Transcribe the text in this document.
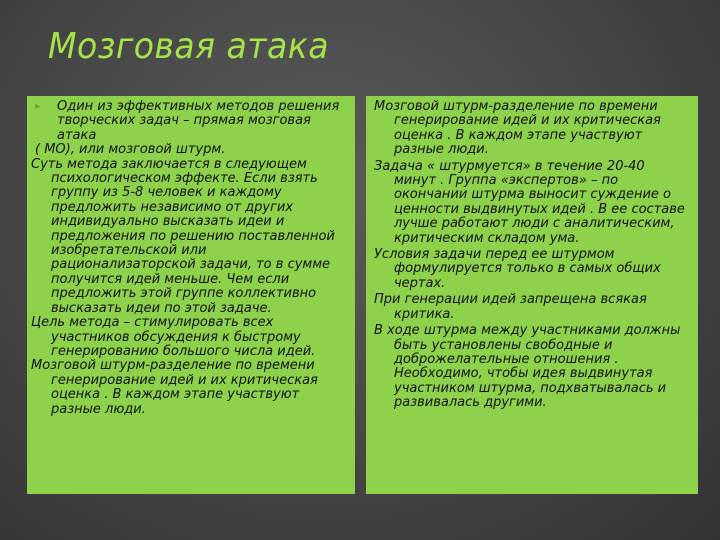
Мозговая атака

▸ Один из эффективных методов решения творческих задач – прямая мозговая атака

( МО), или мозговой штурм.

Суть метода заключается в следующем психологическом эффекте. Если взять группу из 5-8 человек и каждому предложить независимо от других индивидуально высказать идеи и предложения по решению поставленной изобретательской или рационализаторской задачи, то в сумме получится идей меньше. Чем если предложить этой группе коллективно высказать идеи по этой задаче.

Цель метода – стимулировать всех участников обсуждения к быстрому генерированию большого числа идей.

Мозговой штурм-разделение по времени генерирование идей и их критическая оценка . В каждом этапе участвуют разные люди.

Мозговой штурм-разделение по времени генерирование идей и их критическая оценка . В каждом этапе участвуют разные люди.

Задача « штурмуется» в течение 20-40 минут . Группа «экспертов» – по окончании штурма выносит суждение о ценности выдвинутых идей . В ее составе лучше работают люди с аналитическим, критическим складом ума.

Условия задачи перед ее штурмом формулируется только в самых общих чертах.

При генерации идей запрещена всякая критика.

В ходе штурма между участниками должны быть установлены свободные и доброжелательные отношения . Необходимо, чтобы идея выдвинутая участником штурма, подхватывалась и развивалась другими.
